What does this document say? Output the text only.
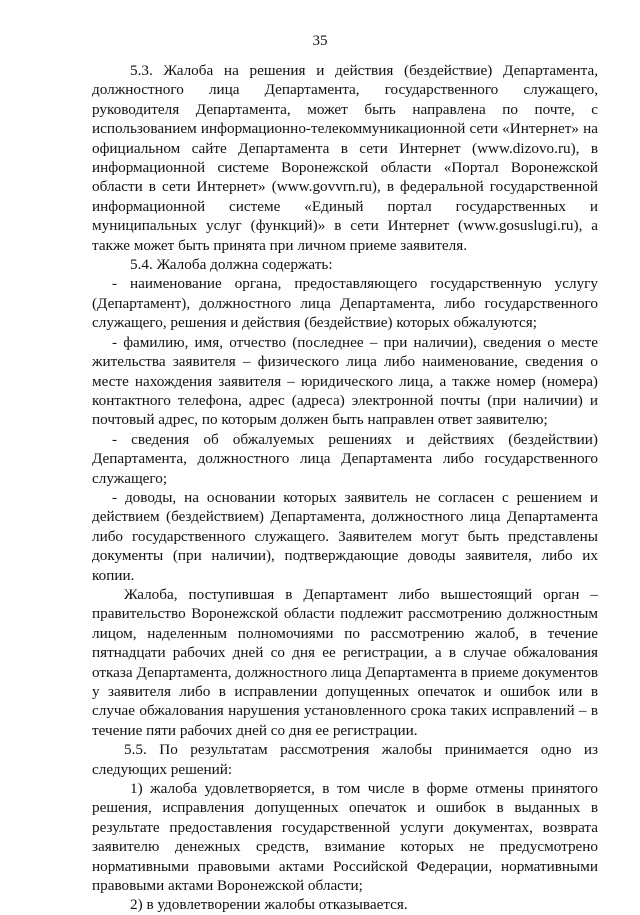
35

5.3. Жалоба на решения и действия (бездействие) Департамента, должностного лица Департамента, государственного служащего, руководителя Департамента, может быть направлена по почте, с использованием информационно-телекоммуникационной сети «Интернет» на официальном сайте Департамента в сети Интернет (www.dizovo.ru), в информационной системе Воронежской области «Портал Воронежской области в сети Интернет» (www.govvrn.ru), в федеральной государственной информационной системе «Единый портал государственных и муниципальных услуг (функций)» в сети Интернет (www.gosuslugi.ru), а также может быть принята при личном приеме заявителя.

5.4. Жалоба должна содержать:

- наименование органа, предоставляющего государственную услугу (Департамент), должностного лица Департамента, либо государственного служащего, решения и действия (бездействие) которых обжалуются;

- фамилию, имя, отчество (последнее – при наличии), сведения о месте жительства заявителя – физического лица либо наименование, сведения о месте нахождения заявителя – юридического лица, а также номер (номера) контактного телефона, адрес (адреса) электронной почты (при наличии) и почтовый адрес, по которым должен быть направлен ответ заявителю;

- сведения об обжалуемых решениях и действиях (бездействии) Департамента, должностного лица Департамента либо государственного служащего;

- доводы, на основании которых заявитель не согласен с решением и действием (бездействием) Департамента, должностного лица Департамента либо государственного служащего. Заявителем могут быть представлены документы (при наличии), подтверждающие доводы заявителя, либо их копии.

Жалоба, поступившая в Департамент либо вышестоящий орган – правительство Воронежской области подлежит рассмотрению должностным лицом, наделенным полномочиями по рассмотрению жалоб, в течение пятнадцати рабочих дней со дня ее регистрации, а в случае обжалования отказа Департамента, должностного лица Департамента в приеме документов у заявителя либо в исправлении допущенных опечаток и ошибок или в случае обжалования нарушения установленного срока таких исправлений – в течение пяти рабочих дней со дня ее регистрации.

5.5. По результатам рассмотрения жалобы принимается одно из следующих решений:

1) жалоба удовлетворяется, в том числе в форме отмены принятого решения, исправления допущенных опечаток и ошибок в выданных в результате предоставления государственной услуги документах, возврата заявителю денежных средств, взимание которых не предусмотрено нормативными правовыми актами Российской Федерации, нормативными правовыми актами Воронежской области;

2) в удовлетворении жалобы отказывается.
